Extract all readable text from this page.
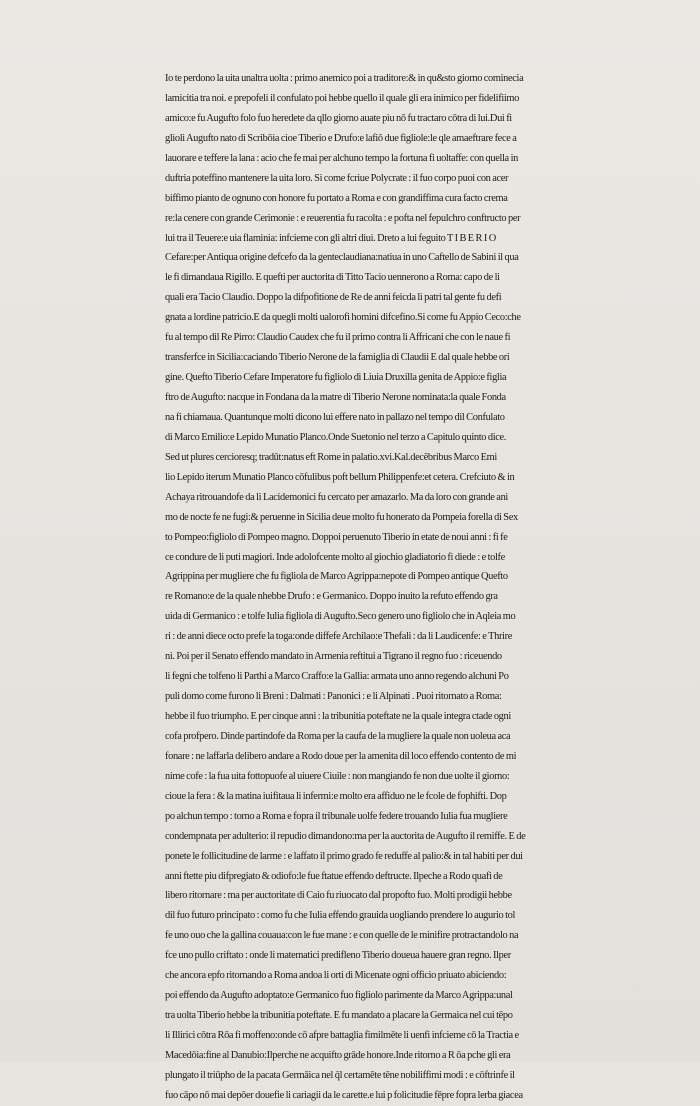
Io te perdono la uita unaltra uolta : primo anemico poi a traditore:& in qu&sto giorno cominecia
lamicitia tra noi. e prepofeli il confulato poi hebbe quello il quale gli era inimico per fidelifiimo
amico:e fu Augufto folo fuo heredete da qllo giorno auate piu nō fu tractaro cōtra di lui.Dui fi
glioli Augufto nato di Scribōia cioe Tiberio e Drufo:e lafiō due figliole:le qle amaeftrare fece a
lauorare e teffere la lana : acio che fe mai per alchuno tempo la fortuna fi uoltaffe: con quella in
duftria poteffino mantenere la uita loro. Si come fcriue Polycrate : il fuo corpo puoi con acer
biffimo pianto de ognuno con honore fu portato a Roma e con grandiffima cura facto crema
re:la cenere con grande Cerimonie : e reuerentia fu racolta : e pofta nel fepulchro conftructo per
lui tra il Teuere:e uia flaminia: infcieme con gli altri diui. Dreto a lui feguito T I B E R I O
Cefare:per Antiqua origine defcefo da la genteclaudiana:natiua in uno Caftello de Sabini il qua
le fi dimandaua Rigillo. E quefti per auctorita di Titto Tacio uennerono a Roma: capo de li
quali era Tacio Claudio. Doppo la difpofitione de Re de anni feicda li patri tal gente fu defi
gnata a lordine patricio.E da quegli molti ualorofi homini difcefino.Si come fu Appio Ceco:che
fu al tempo dil Re Pirro: Claudio Caudex che fu il primo contra li Affricani che con le naue fi
transferfce in Sicilia:caciando Tiberio Nerone de la famiglia di Claudii E dal quale hebbe ori
gine. Quefto Tiberio Cefare Imperatore fu figliolo di Liuia Druxilla genita de Appio:e figlia
ftro de Augufto: nacque in Fondana da la matre di Tiberio Nerone nominata:la quale Fonda
na fi chiamaua. Quantunque molti dicono lui effere nato in pallazo nel tempo dil Confulato
di Marco Emilio:e Lepido Munatio Planco.Onde Suetonio nel terzo a Capitulo quinto dice.
Sed ut plures cercioresq; tradūt:natus eft Rome in palatio.xvi.Kal.decēbribus Marco Emi
lio Lepido iterum Munatio Planco cōfulibus poft bellum Philippenfe:et cetera. Crefciuto & in
Achaya ritrouandofe da li Lacidemonici fu cercato per amazarlo. Ma da loro con grande ani
mo de nocte fe ne fugi:& peruenne in Sicilia deue molto fu honerato da Pompeia forella di Sex
to Pompeo:figliolo di Pompeo magno. Doppoi peruenuto Tiberio in etate de noui anni : fi fe
ce condure de li puti magiori. Inde adolofcente molto al giochio gladiatorio fi diede : e tolfe
Agrippina per mugliere che fu figliola de Marco Agrippa:nepote di Pompeo antique Quefto
re Romano:e de la quale nhebbe Drufo : e Germanico. Doppo inuito la refuto effendo gra
uida di Germanico : e tolfe Iulia figliola di Augufto.Seco genero uno figliolo che in Aqleia mo
ri : de anni diece octo prefe la toga:onde diffefe Archilao:e Thefali : da li Laudicenfe: e Thrire
ni. Poi per il Senato effendo mandato in Armenia reftitui a Tigrano il regno fuo : riceuendo
li fegni che tolfeno li Parthi a Marco Craffo:e la Gallia: armata uno anno regendo alchuni Po
puli domo come furono li Breni : Dalmati : Panonici : e li Alpinati . Puoi ritornato a Roma:
hebbe il fuo triumpho. E per cinque anni : la tribunitia poteftate ne la quale integra ctade ogni
cofa profpero. Dinde partindofe da Roma per la caufa de la mugliere la quale non uoleua aca
fonare : ne laffarla delibero andare a Rodo doue per la amenita dil loco effendo contento de mi
nime cofe : la fua uita fottopuofe al uiuere Ciuile : non mangiando fe non due uolte il giorno:
cioue la fera : & la matina iuifitaua li infermi:e molto era affiduo ne le fcole de fophifti. Dop
po alchun tempo : torno a Roma e fopra il tribunale uolfe federe trouando Iulia fua mugliere
condempnata per adulterio: il repudio dimandono:ma per la auctorita de Augufto il remiffe. E de
ponete le follicitudine de larme : e laffato il primo grado fe reduffe al palio:& in tal habiti per dui
anni ftette piu difpregiato & odiofo:le fue ftatue effendo deftructe. Ilpeche a Rodo quafi de
libero ritornare : ma per auctoritate di Caio fu riuocato dal propofto fuo. Molti prodigii hebbe
dil fuo futuro principato : como fu che Iulia effendo grauida uogliando prendere lo augurio tol
fe uno ouo che la gallina couaua:con le fue mane : e con quelle de le minifire protractandolo na
fce uno pullo criftato : onde li matematici predifleno Tiberio doueua hauere gran regno. Ilper
che ancora epfo ritornando a Roma andoa li orti di Micenate ogni officio priuato abiciendo:
poi effendo da Augufto adoptato:e Germanico fuo figliolo parimente da Marco Agrippa:unal
tra uolta Tiberio hebbe la tribunitia poteftate. E fu mandato a placare la Germaica nel cui tēpo
li Illirici cōtra Rōa fi moffeno:onde cō afpre battaglia fimilmēte li uenfi infcieme cō la Tractia e
Macedōia:fine al Danubio:Ilperche ne acquifto grāde honore.Inde ritorno a R ōa pche gli era
plungato il triūpho de la pacata Germāica nel q̄l certamēte tēne nobiliffimi modi : e cōftrinfe il
fuo cāpo nō mai depōer douefie li cariagii da le carette.e lui p folicitudie fēpre fopra lerba giacea
